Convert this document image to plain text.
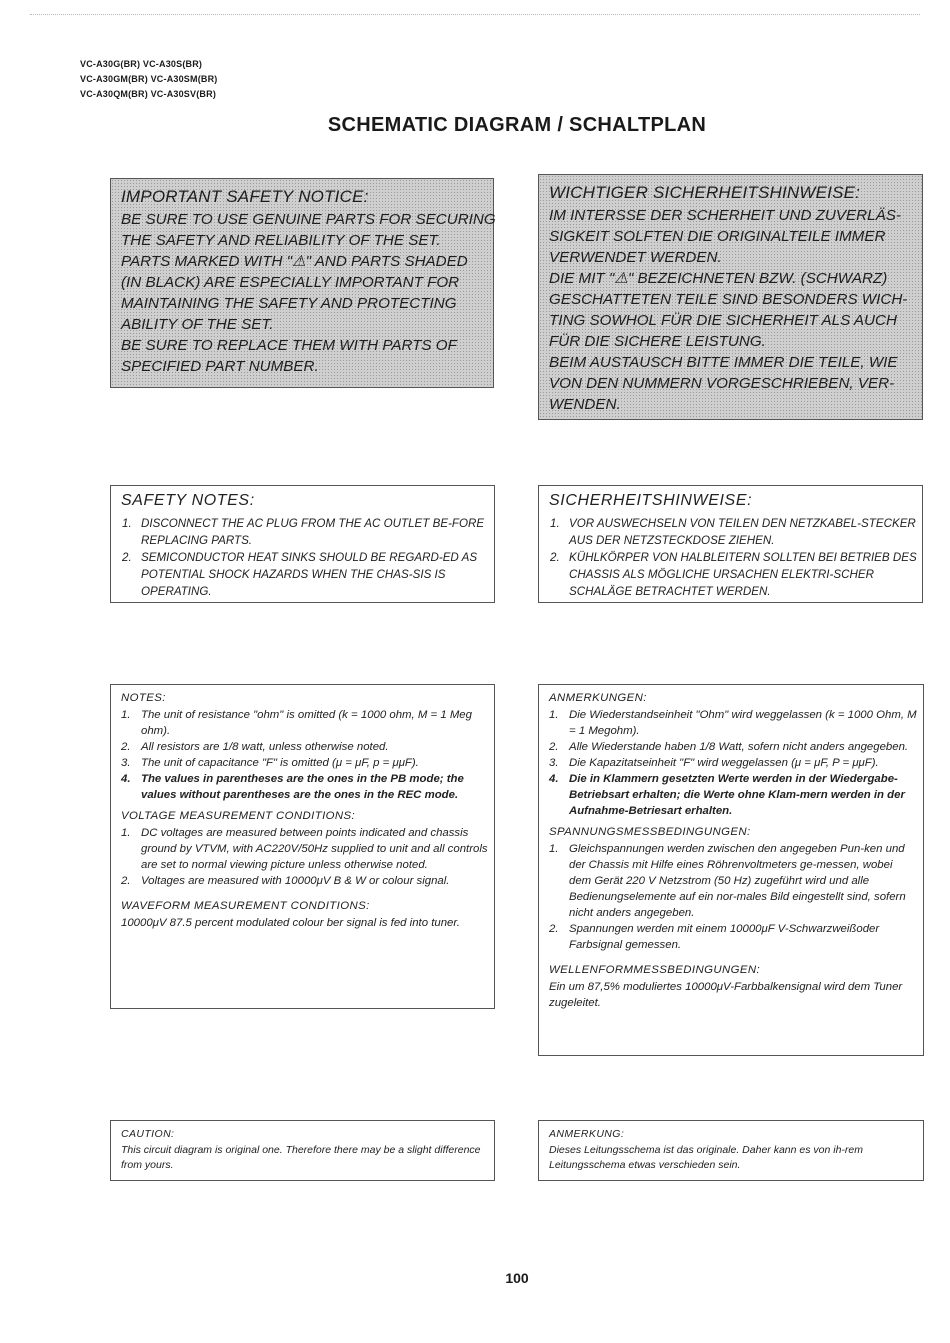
VC-A30G(BR) VC-A30S(BR)
VC-A30GM(BR) VC-A30SM(BR)
VC-A30QM(BR) VC-A30SV(BR)
SCHEMATIC DIAGRAM / SCHALTPLAN
IMPORTANT SAFETY NOTICE:
BE SURE TO USE GENUINE PARTS FOR SECURING
THE SAFETY AND RELIABILITY OF THE SET.
PARTS MARKED WITH "⚠" AND PARTS SHADED
(IN BLACK) ARE ESPECIALLY IMPORTANT FOR
MAINTAINING THE SAFETY AND PROTECTING
ABILITY OF THE SET.
BE SURE TO REPLACE THEM WITH PARTS OF
SPECIFIED PART NUMBER.
WICHTIGER SICHERHEITSHINWEISE:
IM INTERSSE DER SCHERHEIT UND ZUVERLÄS-
SIGKEIT SOLFTEN DIE ORIGINALTEILE IMMER
VERWENDET WERDEN.
DIE MIT "⚠" BEZEICHNETEN BZW. (SCHWARZ)
GESCHATTETEN TEILE SIND BESONDERS WICH-
TING SOWHOL FÜR DIE SICHERHEIT ALS AUCH
FÜR DIE SICHERE LEISTUNG.
BEIM AUSTAUSCH BITTE IMMER DIE TEILE, WIE
VON DEN NUMMERN VORGESCHRIEBEN, VER-
WENDEN.
SAFETY NOTES:
1. DISCONNECT THE AC PLUG FROM THE AC OUTLET BE-FORE REPLACING PARTS.
2. SEMICONDUCTOR HEAT SINKS SHOULD BE REGARD-ED AS POTENTIAL SHOCK HAZARDS WHEN THE CHAS-SIS IS OPERATING.
SICHERHEITSHINWEISE:
1. VOR AUSWECHSELN VON TEILEN DEN NETZKABEL-STECKER AUS DER NETZSTECKDOSE ZIEHEN.
2. KÜHLKÖRPER VON HALBLEITERN SOLLTEN BEI BETRIEB DES CHASSIS ALS MÖGLICHE URSACHEN ELEKTRI-SCHER SCHALÄGE BETRACHTET WERDEN.
NOTES:
1. The unit of resistance "ohm" is omitted (k = 1000 ohm, M = 1 Meg ohm).
2. All resistors are 1/8 watt, unless otherwise noted.
3. The unit of capacitance "F" is omitted (μ = μF, p = μμF).
4. The values in parentheses are the ones in the PB mode; the values without parentheses are the ones in the REC mode.
VOLTAGE MEASUREMENT CONDITIONS:
1. DC voltages are measured between points indicated and chassis ground by VTVM, with AC220V/50Hz supplied to unit and all controls are set to normal viewing picture unless otherwise noted.
2. Voltages are measured with 10000μV B & W or colour signal.
WAVEFORM MEASUREMENT CONDITIONS:
10000μV 87.5 percent modulated colour ber signal is fed into tuner.
ANMERKUNGEN:
1. Die Wiederstandseinheit "Ohm" wird weggelassen (k = 1000 Ohm, M = 1 Megohm).
2. Alle Wiederstande haben 1/8 Watt, sofern nicht anders angegeben.
3. Die Kapazitatseinheit "F" wird weggelassen (μ = μF, P = μμF).
4. Die in Klammern gesetzten Werte werden in der Wiedergabe-Betriebsart erhalten; die Werte ohne Klam-mern werden in der Aufnahme-Betriesart erhalten.
SPANNUNGSMESSBEDINGUNGEN:
1. Gleichspannungen werden zwischen den angegeben Pun-ken und der Chassis mit Hilfe eines Röhrenvoltmeters ge-messen, wobei dem Gerät 220 V Netzstrom (50 Hz) zugeführt wird und alle Bedienungselemente auf ein nor-males Bild eingestellt sind, sofern nicht anders angegeben.
2. Spannungen werden mit einem 10000μF V-Schwarzweißoder Farbsignal gemessen.
WELLENFORMMESSBEDINGUNGEN:
Ein um 87,5% moduliertes 10000μV-Farbbalkensignal wird dem Tuner zugeleitet.
CAUTION:
This circuit diagram is original one. Therefore there may be a slight difference from yours.
ANMERKUNG:
Dieses Leitungsschema ist das originale. Daher kann es von ih-rem Leitungsschema etwas verschieden sein.
100
